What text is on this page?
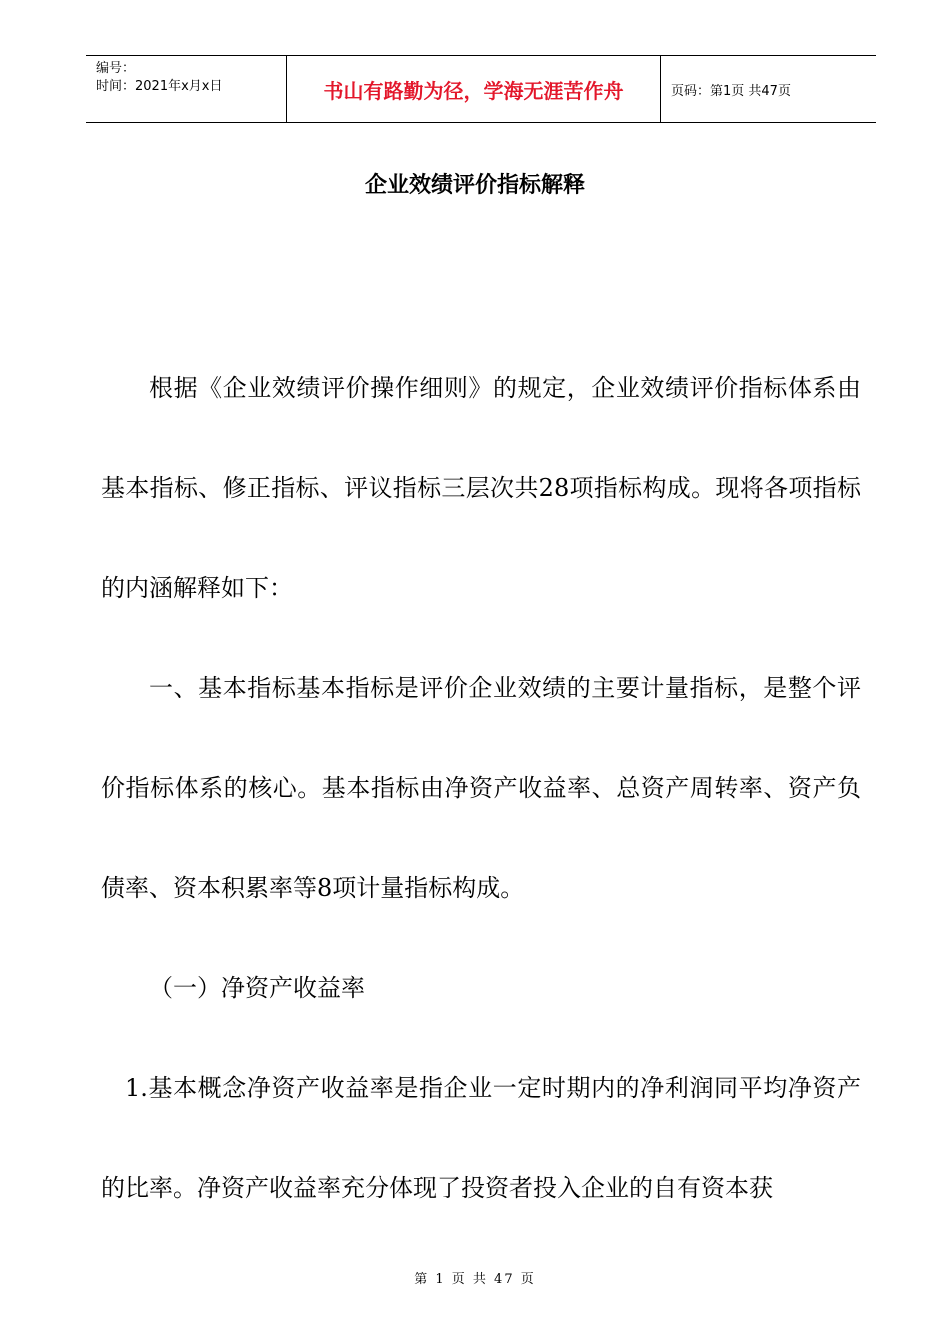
编号：
时间：2021年x月x日	书山有路勤为径，学海无涯苦作舟	页码：第1页 共47页
企业效绩评价指标解释

根据《企业效绩评价操作细则》的规定，企业效绩评价指标体系由基本指标、修正指标、评议指标三层次共28项指标构成。现将各项指标的内涵解释如下：

一、基本指标基本指标是评价企业效绩的主要计量指标，是整个评价指标体系的核心。基本指标由净资产收益率、总资产周转率、资产负债率、资本积累率等8项计量指标构成。

（一）净资产收益率

1.基本概念净资产收益率是指企业一定时期内的净利润同平均净资产的比率。净资产收益率充分体现了投资者投入企业的自有资本获

第 1 页 共 47 页
